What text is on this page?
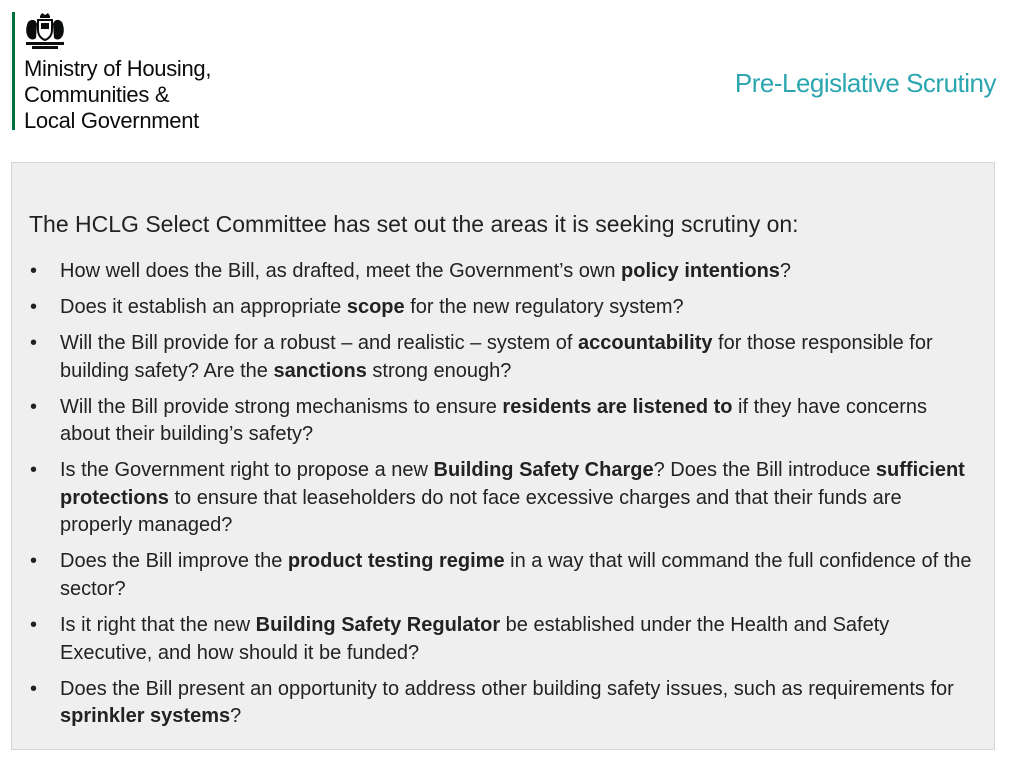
Ministry of Housing,
Communities &
Local Government
Pre-Legislative Scrutiny
The HCLG Select Committee has set out the areas it is seeking scrutiny on:
• How well does the Bill, as drafted, meet the Government’s own policy intentions?
• Does it establish an appropriate scope for the new regulatory system?
• Will the Bill provide for a robust – and realistic – system of accountability for those responsible for building safety? Are the sanctions strong enough?
• Will the Bill provide strong mechanisms to ensure residents are listened to if they have concerns about their building’s safety?
• Is the Government right to propose a new Building Safety Charge? Does the Bill introduce sufficient protections to ensure that leaseholders do not face excessive charges and that their funds are properly managed?
• Does the Bill improve the product testing regime in a way that will command the full confidence of the sector?
• Is it right that the new Building Safety Regulator be established under the Health and Safety Executive, and how should it be funded?
• Does the Bill present an opportunity to address other building safety issues, such as requirements for sprinkler systems?
